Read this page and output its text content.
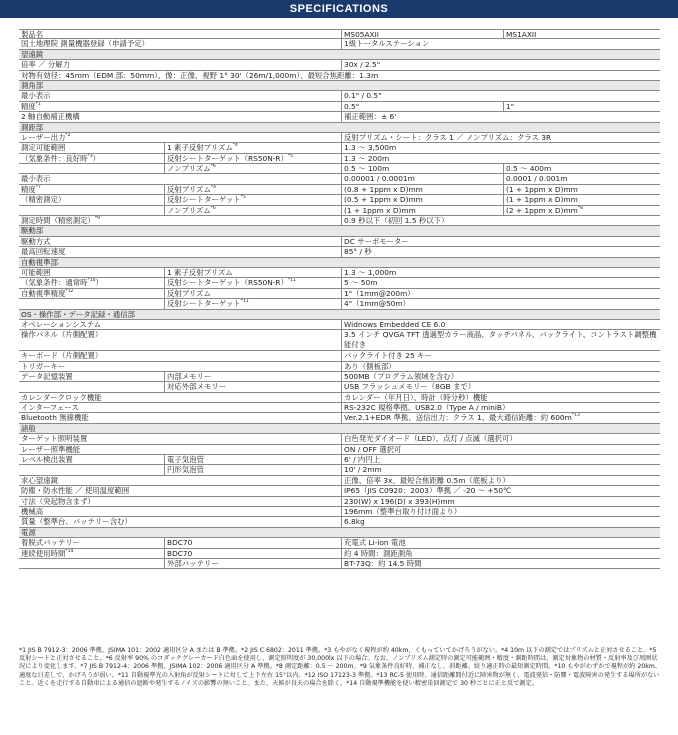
SPECIFICATIONS
製品名	MS05AXII	MS1AXII
国土地理院 測量機器登録（申請予定）	1級トータルステーション
望遠鏡
倍率 ／ 分解力	30x / 2.5"
対物有効径：45mm（EDM 部：50mm）、像：正像、視野 1° 30'（26m/1,000m）、最短合焦距離：1.3m
測角部
最小表示	0.1" / 0.5"
精度$^{*1}$	0.5"	1"
2 軸自動補正機構	補正範囲：± 6'
測距部
レーザー出力$^{*2}$	反射プリズム・シート：クラス 1 ／ ノンプリズム：クラス 3R
測定可能範囲	1 素子反射プリズム$^{*4}$	1.3 ～ 3,500m
（気象条件：良好時$^{*3}$）	反射シートターゲット$(RS50N-R)^{*5}$	1.3 ～ 200m
ノンプリズム$^{*6}$	0.5 ～ 100m	0.5 ～ 400m
最小表示	0.00001 / 0.0001m	0.0001 / 0.001m
精度$^{*7}$	反射プリズム$^{*4}$	(0.8 + 1ppm x D)mm	(1 + 1ppm x D)mm
（精密測定）	反射シートターゲット$^{*5}$	(0.5 + 1ppm x D)mm	(1 + 1ppm x D)mm
ノンプリズム$^{*6}$	(1 + 1ppm x D)mm	(2 + 1ppm x $D)mm^{*8}$
測定時間（精密測定）$^{*9}$	0.9 秒以下（初回 1.5 秒以下）
駆動部
駆動方式	DC サーボモーター
最高回転速度	85° / 秒
自動視準部
可能範囲	1 素子反射プリズム	1.3 ～ 1,000m
（気象条件：通常時$^{*10}$）	反射シートターゲット$(RS50N-R)^{*11}$	5 ～ 50m
自動視準精度$^{*12}$	反射プリズム	1"（1mm@200m）
反射シートターゲット$^{*11}$	4"（1mm@50m）
OS・操作部・データ記録・通信部
オペレーションシステム	Widnows Embedded CE 6.0
操作パネル（片側配置）	3.5 インチ QVGA TFT 透過型カラー液晶、タッチパネル、バックライト、コントラスト調整機能付き
キーボード（片側配置）	バックライト付き 25 キー
トリガーキー	あり（側板部）
データ記憶装置	内部メモリー	500MB（プログラム領域を含む）
対応外部メモリー	USB フラッシュメモリー（8GB まで）
カレンダークロック機能	カレンダー（年月日）、時計（時分秒）機能
インターフェース	RS-232C 規格準拠、USB2.0（Type A / miniB）
Bluetooth 無線機能	Ver.2.1+EDR 準拠、送信出力：クラス 1、最大通信距離：約 $600m^{*13}$
諸般
ターゲット照明装置	白色発光ダイオード（LED）、点灯 / 点滅（選択可）
レーザー照準機能	ON / OFF 選択可
レベル検出装置	電子気泡管	6' / 内円上
円形気泡管	10' / 2mm
求心望遠鏡	正像、倍率 3x、最短合焦距離 0.5m（底板より）
防塵・防水性能 ／ 使用温度範囲	IP65（JIS C0920：2003）準拠 ／ -20 ～ +50℃
寸法（突起物含まず）	230(W) x 196(D) x 393(H)mm
機械高	196mm（整準台取り付け面より）
質量（整準台、バッテリー含む）	6.8kg
電源
着脱式バッテリー	BDC70	充電式 Li-ion 電池
連続使用時間$^{*14}$	BDC70	約 4 時間：測距測角
外部バッテリー	BT-73Q：約 14.5 時間
*1 JIS B 7912-3：2006 準拠、JSIMA 101：2002 適用区分 A または B 準拠。*2 JIS C 6802：2011 準拠。*3 もやがなく視程が約 40km、くもっていてかげろうがない。*4 10m 以下の測定ではプリズムと正対させること。*5 反射シートと正対させること。*6 反射率 90% のコダックグレーカード白色面を使用し、測定照明度が 30,000lx 以下の場合。なお、ノンプリズム測定時の測定可能範囲・精度・測距時間は、測定対象物の材質・反射率及び周囲状況により変化します。*7 JIS B 7912-4：2006 準拠、JSIMA 102：2006 適用区分 A 準拠。*8 測定距離：0.5 ～ 200m。*9 気象条件良好時、補正なし、斜距離、絞り適正時の最短測定時間。*10 もやがわずかで視程が約 20km、適度な日差しで、かげろうが弱い。*11 自動視準光の入射角が反射シートに対して上下左右 15°以内。*12 ISO 17123-3 準拠。*13 RC-5 使用時。通信距離間付近に障害物が無く、電波発信・防塵・電波障害の発生する場所がないこと。近くを走行する自動車による通信の遮断や発生するノイズの影響の無いこと。また、天候が良天の場合を除く。*14 自動視準機能を使い精密単回測定で 30 秒ごとに正と反で測定。
